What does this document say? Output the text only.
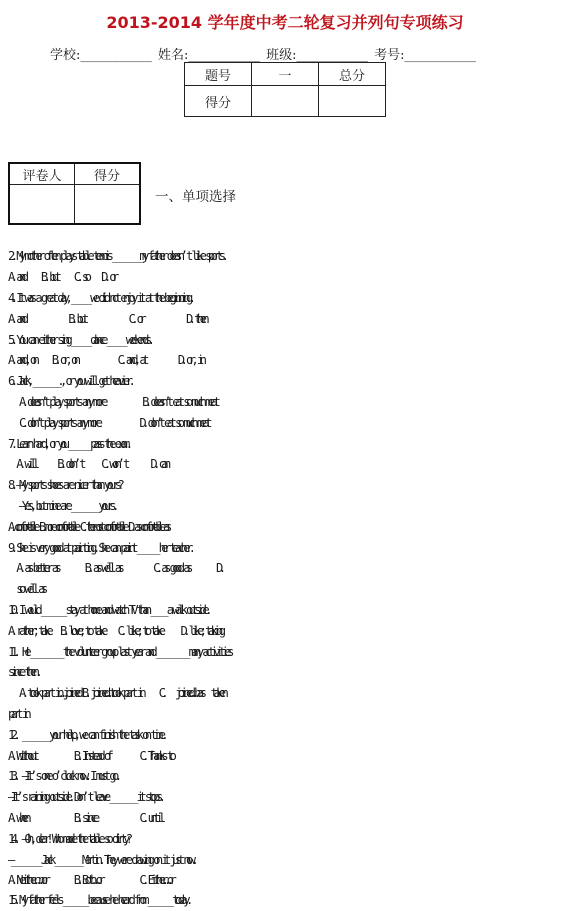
2013-2014 学年度中考二轮复习并列句专项练习
学校:___________ 姓名:___________ 班级:___________ 考号:___________
题号	一	总分
得分		
评卷人	得分

一、单项选择
2. My mother often plays table tennis __________my father doesn’ t like sports.
A. and      B. but      C. so     D. or
4. It was a great day, ______ we did not enjoy it at the beginning.
A. and                B. but                C. or                D. then
5. You can either sing ______ dance ______ weekends.
A. and, on      B. or, on               C. and, at            D. or, in
6. Jack, _________., or you will get heavier.
A. doesn’t play sports any more              B. doesn’t eat so much meat
C. don’t play sports any more               D. don’t eat so much meat
7. Learn hard, or you _______ pass the exam.
A. will        B. don’ t       C. won’ t         D. can
8. —My sports shoes are nicer than yours?
—Yes, but mine are _________ yours.
A. comfortable  B. more comfortable  C. the most comfortable  D. as comfortable as
9. She is very good at painting. She can paint _______ her teacher.
A. as better as          B. as well as            C. as good as          D.
so well as
10. I would ________ stay at home and watch TV than _____ a walk outside.
A. rather; take    B. love; to take     C. like; to take       D. like; taking
11.  He ___________ the volunteer group last year and ___________ many activities
since then.
A. took part in…joined B. joined…took part in      C.    joined…has   taken
part in
12.  _________ your help, we can finish the task on time.
A. Without              B. Instead of           C. Thanks to
13.  —It’ s one o’ clock now. I must go.
—It’ s raining outside. Don’ t leave _________ it stops.
A. when                 B. since                C. until
14.  —Oh, dear! Who made the table so dirty?
—__________ Jack _________ Martin. They were drawing on it just now.
A. Neither…nor          B. Both…or              C. Either…or
15. My father feels ________ because he heard from ________ today.
